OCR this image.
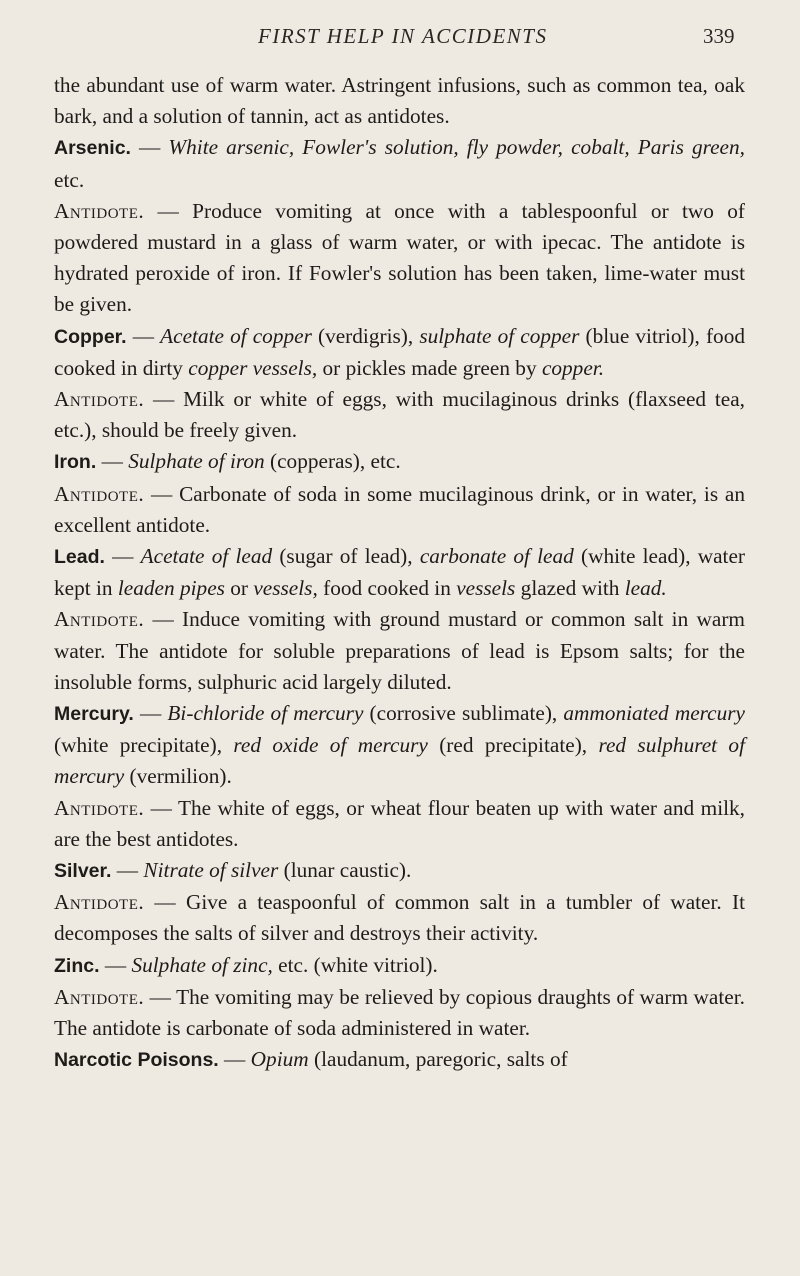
FIRST HELP IN ACCIDENTS	339

the abundant use of warm water. Astringent infusions, such as common tea, oak bark, and a solution of tannin, act as antidotes.

Arsenic. — White arsenic, Fowler's solution, fly powder, cobalt, Paris green, etc.

Antidote. — Produce vomiting at once with a tablespoonful or two of powdered mustard in a glass of warm water, or with ipecac. The antidote is hydrated peroxide of iron. If Fowler's solution has been taken, lime-water must be given.

Copper. — Acetate of copper (verdigris), sulphate of copper (blue vitriol), food cooked in dirty copper vessels, or pickles made green by copper.

Antidote. — Milk or white of eggs, with mucilaginous drinks (flaxseed tea, etc.), should be freely given.

Iron. — Sulphate of iron (copperas), etc.

Antidote. — Carbonate of soda in some mucilaginous drink, or in water, is an excellent antidote.

Lead. — Acetate of lead (sugar of lead), carbonate of lead (white lead), water kept in leaden pipes or vessels, food cooked in vessels glazed with lead.

Antidote. — Induce vomiting with ground mustard or common salt in warm water. The antidote for soluble preparations of lead is Epsom salts; for the insoluble forms, sulphuric acid largely diluted.

Mercury. — Bi-chloride of mercury (corrosive sublimate), ammoniated mercury (white precipitate), red oxide of mercury (red precipitate), red sulphuret of mercury (vermilion).

Antidote. — The white of eggs, or wheat flour beaten up with water and milk, are the best antidotes.

Silver. — Nitrate of silver (lunar caustic).

Antidote. — Give a teaspoonful of common salt in a tumbler of water. It decomposes the salts of silver and destroys their activity.

Zinc. — Sulphate of zinc, etc. (white vitriol).

Antidote. — The vomiting may be relieved by copious draughts of warm water. The antidote is carbonate of soda administered in water.

Narcotic Poisons. — Opium (laudanum, paregoric, salts of
